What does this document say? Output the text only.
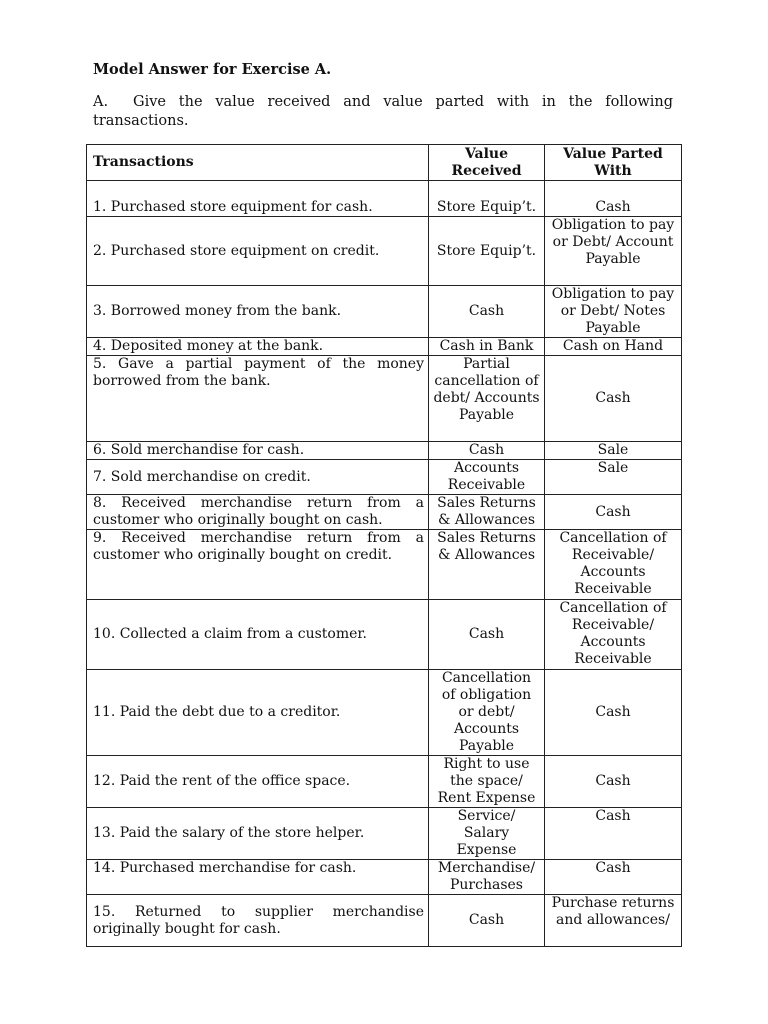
Model Answer for Exercise A.
A. Give the value received and value parted with in the following transactions.
Transactions	Value Received	Value Parted With
1. Purchased store equipment for cash.	Store Equip’t.	Cash
2. Purchased store equipment on credit.	Store Equip’t.	Obligation to pay or Debt/ Account Payable
3. Borrowed money from the bank.	Cash	Obligation to pay or Debt/ Notes Payable
4. Deposited money at the bank.	Cash in Bank	Cash on Hand
5. Gave a partial payment of the money borrowed from the bank.	Partial cancellation of debt/ Accounts Payable	Cash
6. Sold merchandise for cash.	Cash	Sale
7. Sold merchandise on credit.	Accounts Receivable	Sale
8. Received merchandise return from a customer who originally bought on cash.	Sales Returns & Allowances	Cash
9. Received merchandise return from a customer who originally bought on credit.	Sales Returns & Allowances	Cancellation of Receivable/ Accounts Receivable
10. Collected a claim from a customer.	Cash	Cancellation of Receivable/ Accounts Receivable
11. Paid the debt due to a creditor.	Cancellation of obligation or debt/ Accounts Payable	Cash
12. Paid the rent of the office space.	Right to use the space/ Rent Expense	Cash
13. Paid the salary of the store helper.	Service/ Salary Expense	Cash
14. Purchased merchandise for cash.	Merchandise/ Purchases	Cash
15. Returned to supplier merchandise originally bought for cash.	Cash	Purchase returns and allowances/
